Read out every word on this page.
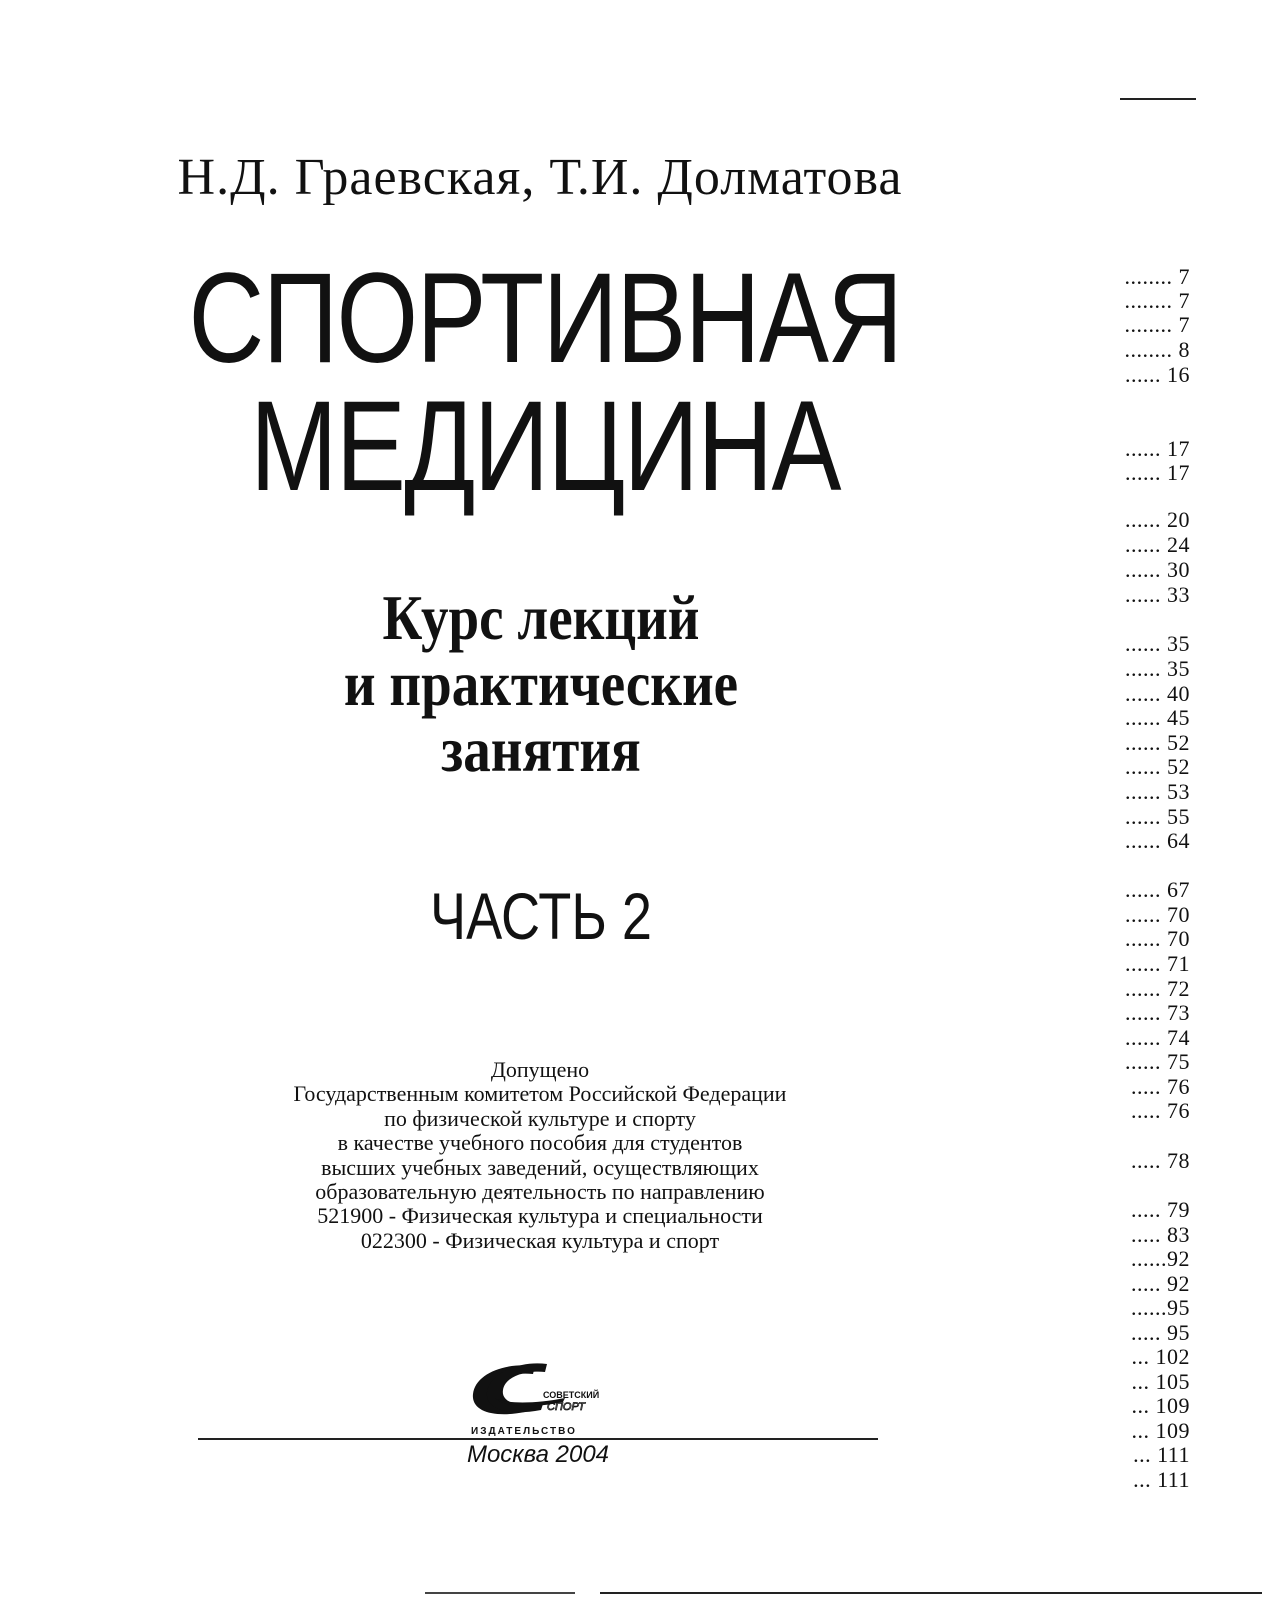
Н.Д. Граевская, Т.И. Долматова
СПОРТИВНАЯ
МЕДИЦИНА
Курс лекций
и практические
занятия
ЧАСТЬ 2
Допущено
Государственным комитетом Российской Федерации
по физической культуре и спорту
в качестве учебного пособия для студентов
высших учебных заведений, осуществляющих
образовательную деятельность по направлению
521900 - Физическая культура и специальности
022300 - Физическая культура и спорт
СОВЕТСКИЙ
СПОРТ
ИЗДАТЕЛЬСТВО
Москва 2004
........ 7
........ 7
........ 7
........ 8
...... 16
...... 17
...... 17
...... 20
...... 24
...... 30
...... 33
...... 35
...... 35
...... 40
...... 45
...... 52
...... 52
...... 53
...... 55
...... 64
...... 67
...... 70
...... 70
...... 71
...... 72
...... 73
...... 74
...... 75
..... 76
..... 76
..... 78
..... 79
..... 83
......92
..... 92
......95
..... 95
... 102
... 105
... 109
... 109
... 111
... 111
